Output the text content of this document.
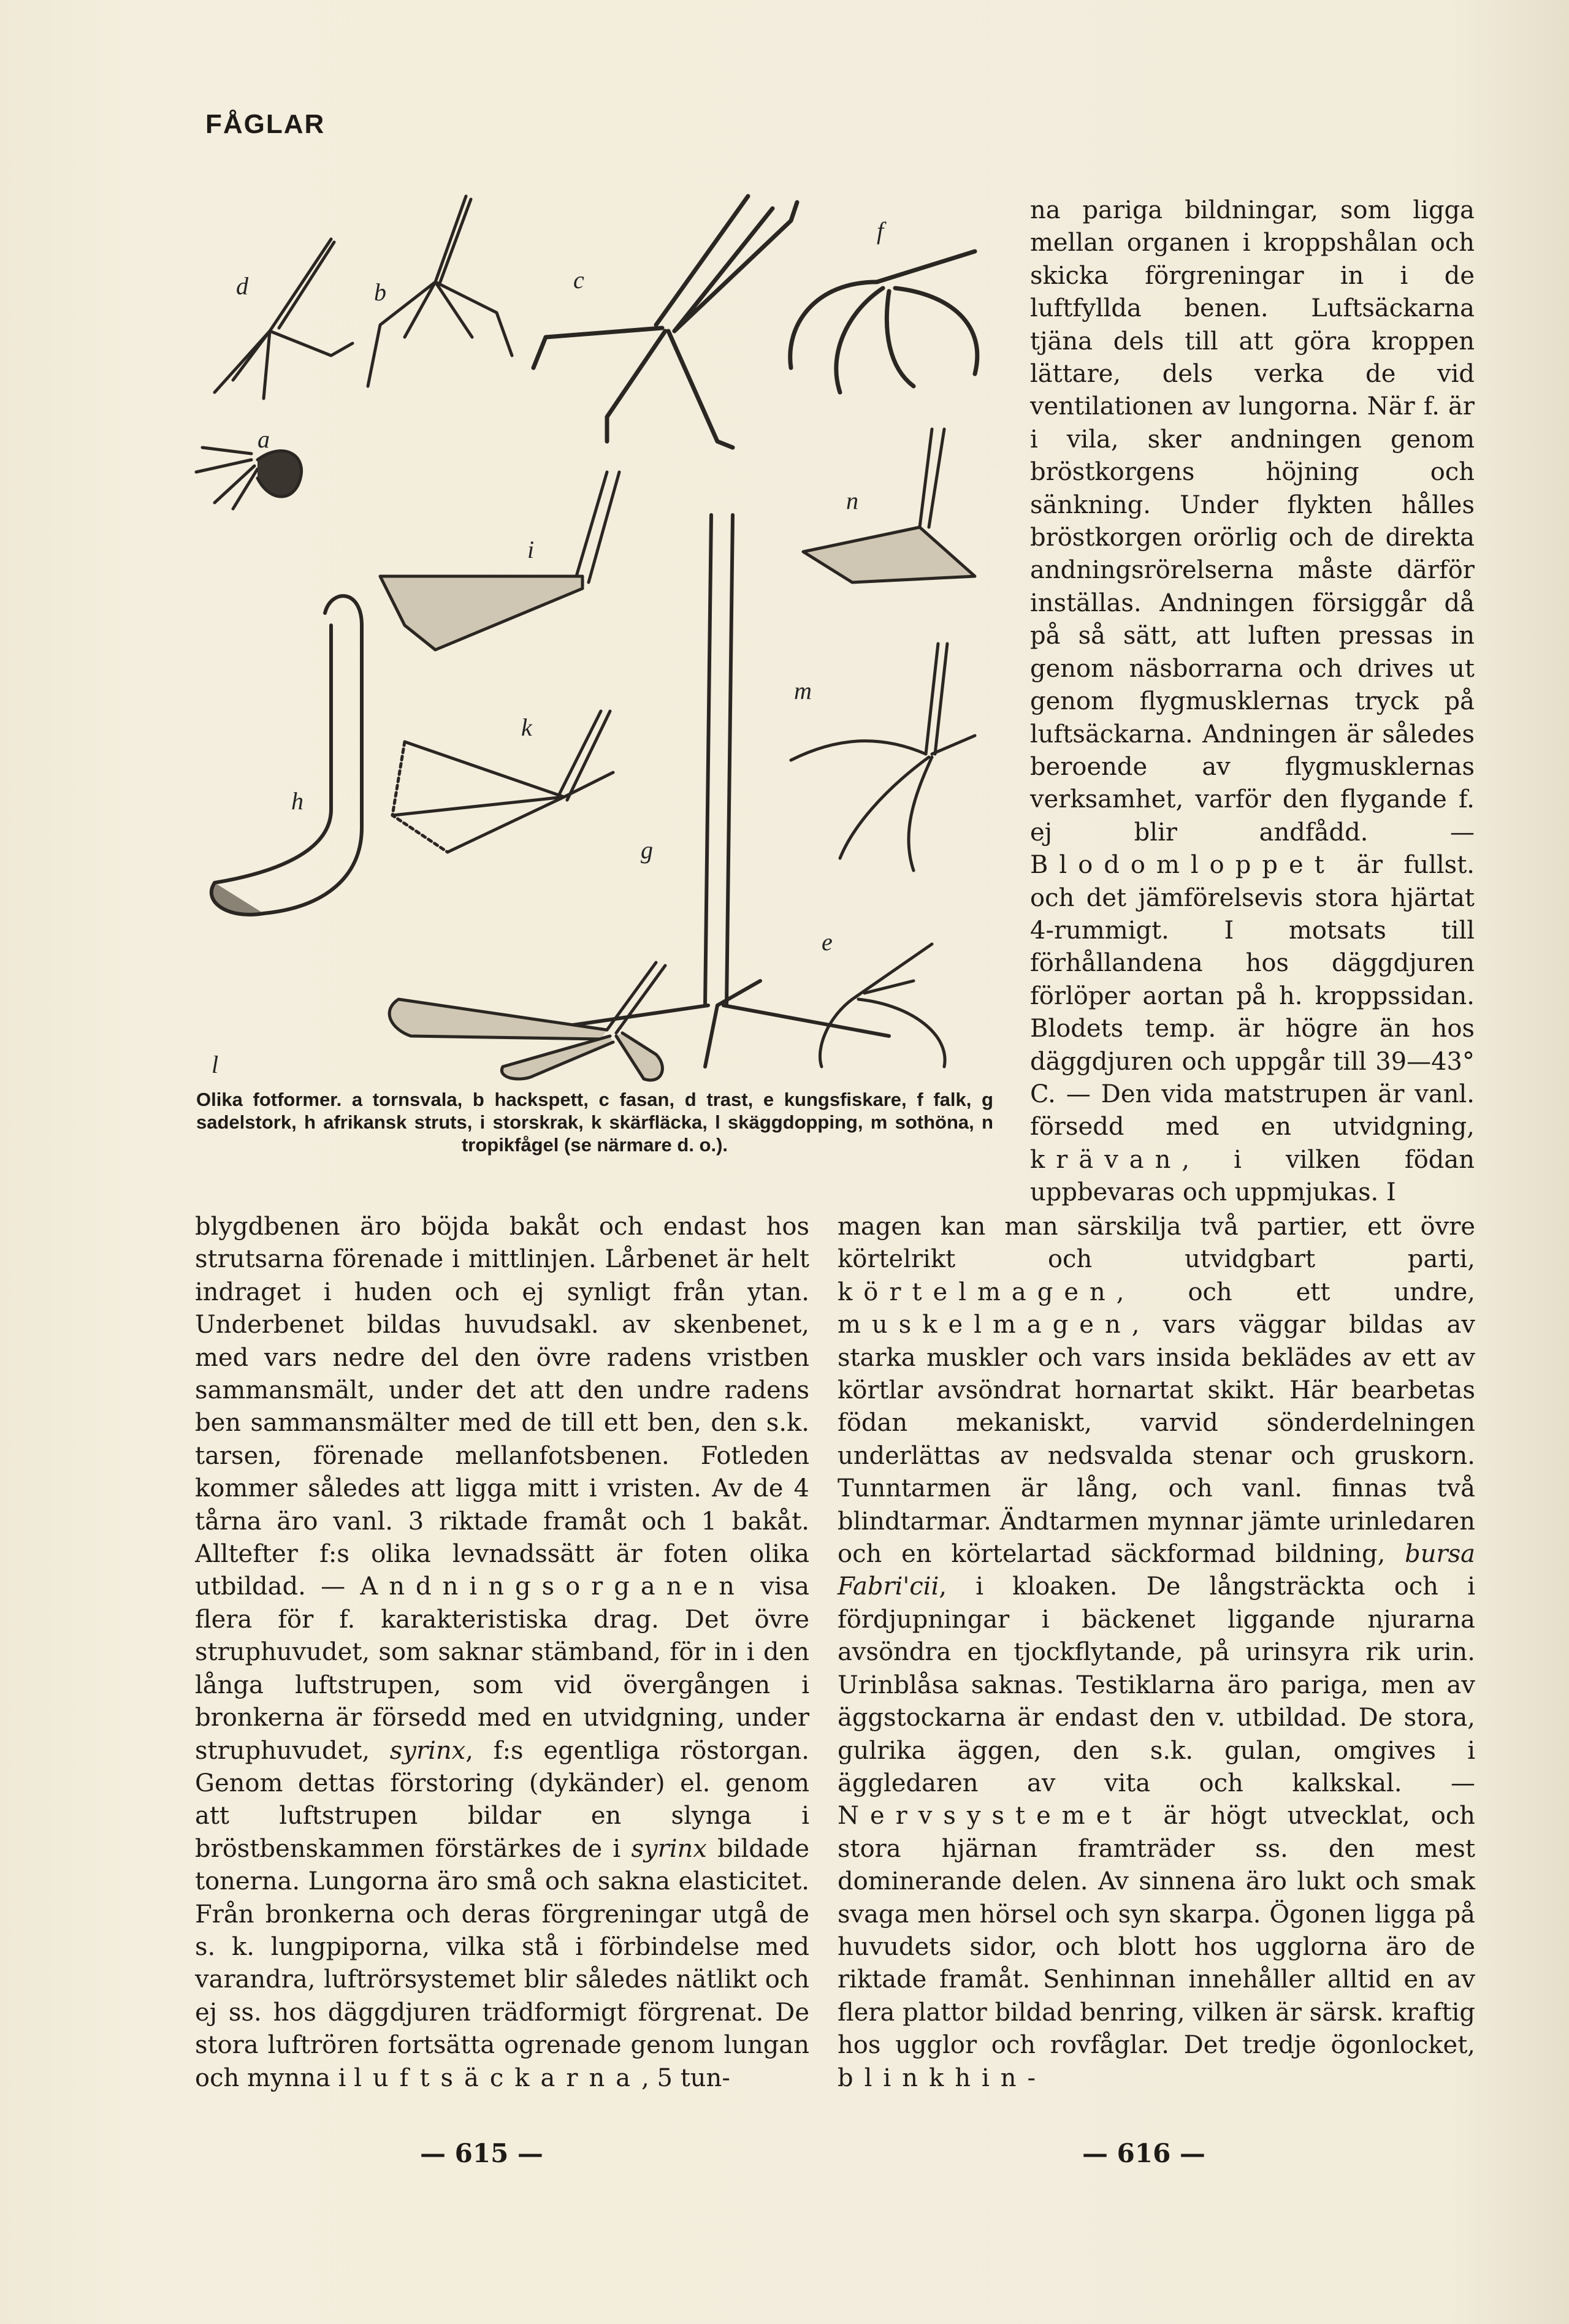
FÅGLAR
d	b	c
f
a
i
n
h
k
m
g
e
l
Olika fotformer. a tornsvala, b hackspett, c fasan, d trast, e kungsfiskare, f falk, g sadelstork, h afrikansk struts, i storskrak, k skärfläcka, l skäggdopping, m sothöna, n tropikfågel (se närmare d. o.).

na pariga bildningar, som ligga mellan organen i kroppshålan och skicka förgreningar in i de luftfyllda benen. Luftsäckarna tjäna dels till att göra kroppen lättare, dels verka de vid ventilationen av lungorna. När f. är i vila, sker andningen genom bröstkorgens höjning och sänkning. Under flykten hålles bröstkorgen orörlig och de direkta andningsrörelserna måste därför inställas. Andningen försiggår då på så sätt, att luften pressas in genom näsborrarna och drives ut genom flygmusklernas tryck på luftsäckarna. Andningen är således beroende av flygmusklernas verksamhet, varför den flygande f. ej blir andfådd. — Blodomloppet är fullst. och det jämförelsevis stora hjärtat 4-rummigt. I motsats till förhållandena hos däggdjuren förlöper aortan på h. kroppssidan. Blodets temp. är högre än hos däggdjuren och uppgår till 39—43° C. — Den vida matstrupen är vanl. försedd med en utvidgning, krävan, i vilken födan uppbevaras och uppmjukas. I

blygdbenen äro böjda bakåt och endast hos strutsarna förenade i mittlinjen. Lårbenet är helt indraget i huden och ej synligt från ytan. Underbenet bildas huvudsakl. av skenbenet, med vars nedre del den övre radens vristben sammansmält, under det att den undre radens ben sammansmälter med de till ett ben, den s.k. tarsen, förenade mellanfotsbenen. Fotleden kommer således att ligga mitt i vristen. Av de 4 tårna äro vanl. 3 riktade framåt och 1 bakåt. Alltefter f:s olika levnadssätt är foten olika utbildad. — Andningsorganen visa flera för f. karakteristiska drag. Det övre struphuvudet, som saknar stämband, för in i den långa luftstrupen, som vid övergången i bronkerna är försedd med en utvidgning, under struphuvudet, syrinx, f:s egentliga röstorgan. Genom dettas förstoring (dykänder) el. genom att luftstrupen bildar en slynga i bröstbenskammen förstärkes de i syrinx bildade tonerna. Lungorna äro små och sakna elasticitet. Från bronkerna och deras förgreningar utgå de s. k. lungpiporna, vilka stå i förbindelse med varandra, luftrörsystemet blir således nätlikt och ej ss. hos däggdjuren trädformigt förgrenat. De stora luftrören fortsätta ogrenade genom lungan och mynna i luftsäckarna, 5 tun-

magen kan man särskilja två partier, ett övre körtelrikt och utvidgbart parti, körtelmagen, och ett undre, muskelmagen, vars väggar bildas av starka muskler och vars insida beklädes av ett av körtlar avsöndrat hornartat skikt. Här bearbetas födan mekaniskt, varvid sönderdelningen underlättas av nedsvalda stenar och gruskorn. Tunntarmen är lång, och vanl. finnas två blindtarmar. Ändtarmen mynnar jämte urinledaren och en körtelartad säckformad bildning, bursa Fabri'cii, i kloaken. De långsträckta och i fördjupningar i bäckenet liggande njurarna avsöndra en tjockflytande, på urinsyra rik urin. Urinblåsa saknas. Testiklarna äro pariga, men av äggstockarna är endast den v. utbildad. De stora, gulrika äggen, den s.k. gulan, omgives i äggledaren av vita och kalkskal. — Nervsystemet är högt utvecklat, och stora hjärnan framträder ss. den mest dominerande delen. Av sinnena äro lukt och smak svaga men hörsel och syn skarpa. Ögonen ligga på huvudets sidor, och blott hos ugglorna äro de riktade framåt. Senhinnan innehåller alltid en av flera plattor bildad benring, vilken är särsk. kraftig hos ugglor och rovfåglar. Det tredje ögonlocket, blinkhin-

— 615 —	— 616 —
